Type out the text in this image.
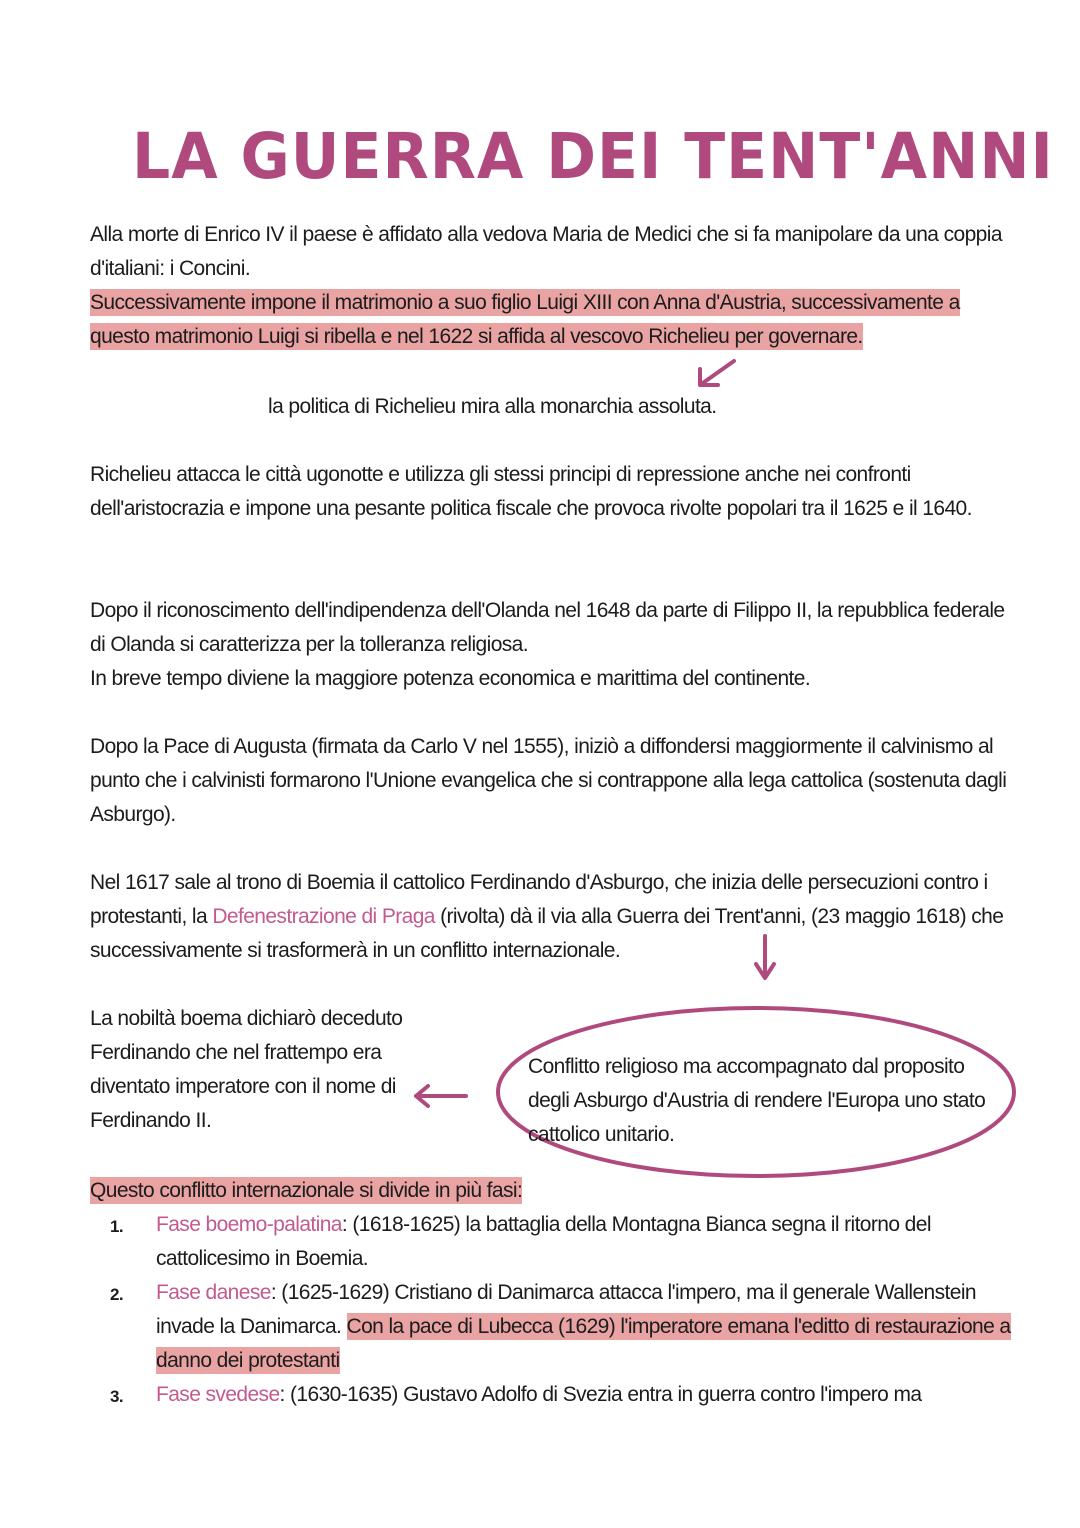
LA GUERRA DEI TENT'ANNI
Alla morte di Enrico IV il paese è affidato alla vedova Maria de Medici che si fa manipolare da una coppia d'italiani: i Concini.
Successivamente impone il matrimonio a suo figlio Luigi XIII con Anna d'Austria, successivamente a questo matrimonio Luigi si ribella e nel 1622 si affida al vescovo Richelieu per governare.
la politica di Richelieu mira alla monarchia assoluta.
Richelieu attacca le città ugonotte e utilizza gli stessi principi di repressione anche nei confronti dell'aristocrazia e impone una pesante politica fiscale che provoca rivolte popolari tra il 1625 e il 1640.
Dopo il riconoscimento dell'indipendenza dell'Olanda nel 1648 da parte di Filippo II, la repubblica federale di Olanda si caratterizza per la tolleranza religiosa.
In breve tempo diviene la maggiore potenza economica e marittima del continente.
Dopo la Pace di Augusta (firmata da Carlo V nel 1555), iniziò a diffondersi maggiormente il calvinismo al punto che i calvinisti formarono l'Unione evangelica che si contrappone alla lega cattolica (sostenuta dagli Asburgo).
Nel 1617 sale al trono di Boemia il cattolico Ferdinando d'Asburgo, che inizia delle persecuzioni contro i protestanti, la Defenestrazione di Praga (rivolta) dà il via alla Guerra dei Trent'anni, (23 maggio 1618) che successivamente si trasformerà in un conflitto internazionale.
La nobiltà boema dichiarò deceduto Ferdinando che nel frattempo era diventato imperatore con il nome di Ferdinando II.
Conflitto religioso ma accompagnato dal proposito degli Asburgo d'Austria di rendere l'Europa uno stato cattolico unitario.
Questo conflitto internazionale si divide in più fasi:
1.	Fase boemo-palatina: (1618-1625) la battaglia della Montagna Bianca segna il ritorno del cattolicesimo in Boemia.
2.	Fase danese: (1625-1629) Cristiano di Danimarca attacca l'impero, ma il generale Wallenstein invade la Danimarca. Con la pace di Lubecca (1629) l'imperatore emana l'editto di restaurazione a danno dei protestanti
3.	Fase svedese: (1630-1635) Gustavo Adolfo di Svezia entra in guerra contro l'impero ma
